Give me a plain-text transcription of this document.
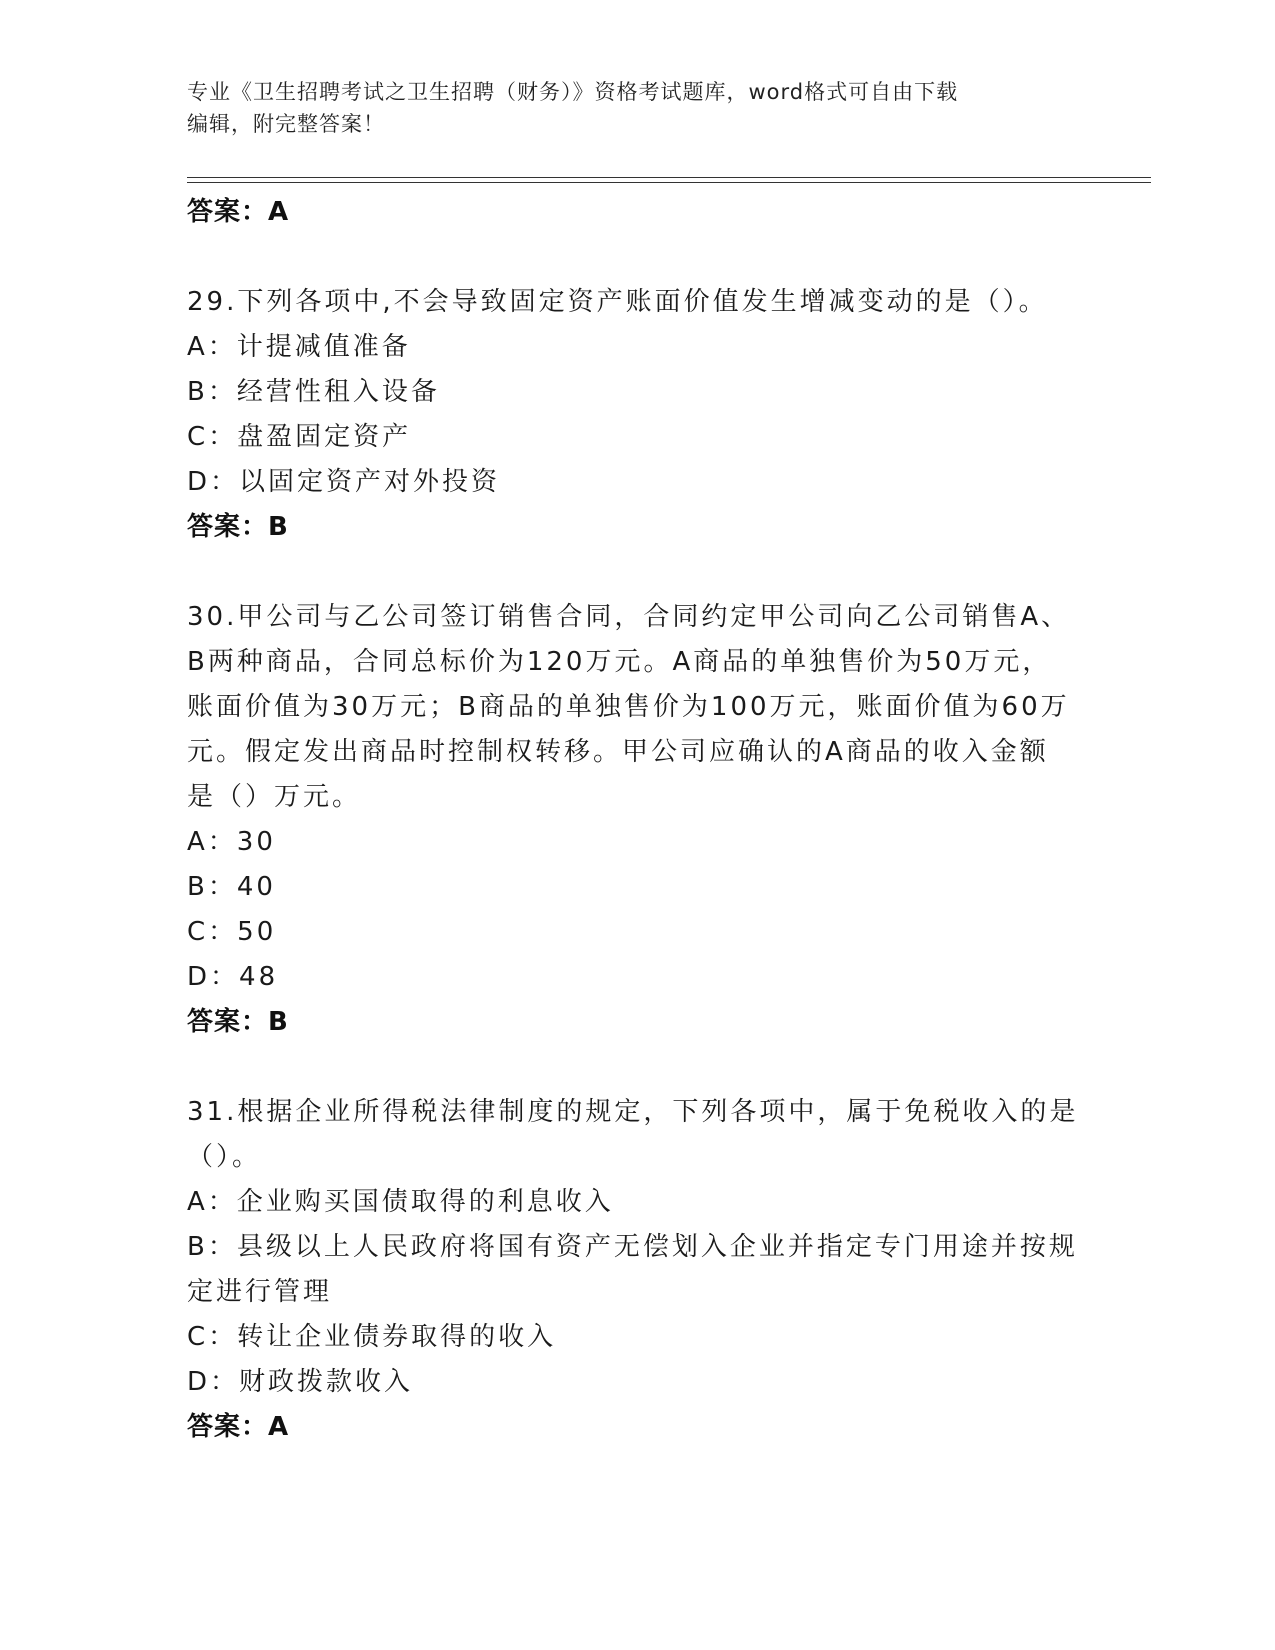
专业《卫生招聘考试之卫生招聘（财务）》资格考试题库，word格式可自由下载
编辑，附完整答案！
答案：A
29.下列各项中,不会导致固定资产账面价值发生增减变动的是（）。
A：计提减值准备
B：经营性租入设备
C：盘盈固定资产
D：以固定资产对外投资
答案：B
30.甲公司与乙公司签订销售合同，合同约定甲公司向乙公司销售A、
B两种商品，合同总标价为120万元。A商品的单独售价为50万元，
账面价值为30万元；B商品的单独售价为100万元，账面价值为60万
元。假定发出商品时控制权转移。甲公司应确认的A商品的收入金额
是（）万元。
A：30
B：40
C：50
D：48
答案：B
31.根据企业所得税法律制度的规定，下列各项中，属于免税收入的是
（）。
A：企业购买国债取得的利息收入
B：县级以上人民政府将国有资产无偿划入企业并指定专门用途并按规
定进行管理
C：转让企业债券取得的收入
D：财政拨款收入
答案：A
